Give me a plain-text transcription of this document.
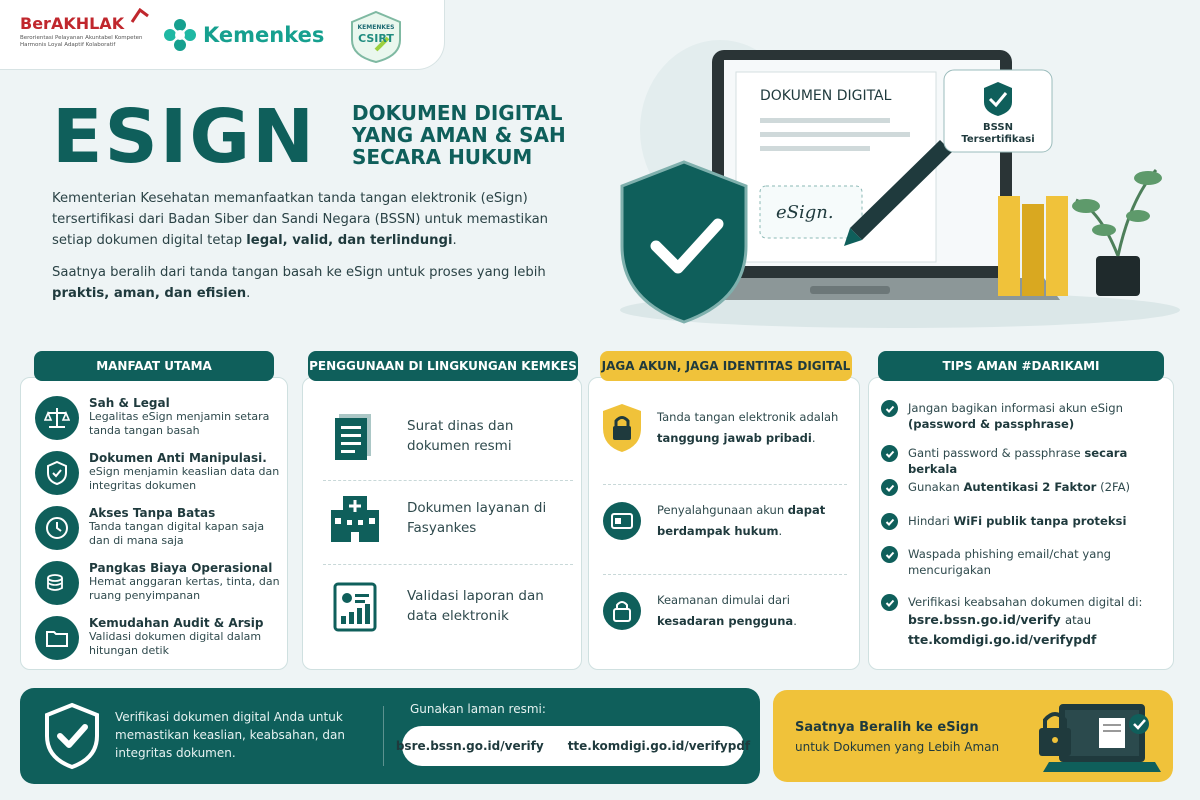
BerAKHLAK
Berorientasi Pelayanan Akuntabel Kompeten
Harmonis Loyal Adaptif Kolaboratif	Kemenkes	KEMENKES
CSIRT
ESIGN DOKUMEN DIGITAL YANG AMAN & SAH SECARA HUKUM
Kementerian Kesehatan memanfaatkan tanda tangan elektronik (eSign) tersertifikasi dari Badan Siber dan Sandi Negara (BSSN) untuk memastikan setiap dokumen digital tetap legal, valid, dan terlindungi.
Saatnya beralih dari tanda tangan basah ke eSign untuk proses yang lebih praktis, aman, dan efisien.
DOKUMEN DIGITAL
eSign.
BSSN
Tersertifikasi
MANFAAT UTAMA
Sah & Legal
Legalitas eSign menjamin setara tanda tangan basah
Dokumen Anti Manipulasi.
eSign menjamin keaslian data dan integritas dokumen
Akses Tanpa Batas
Tanda tangan digital kapan saja dan di mana saja
Pangkas Biaya Operasional
Hemat anggaran kertas, tinta, dan ruang penyimpanan
Kemudahan Audit & Arsip
Validasi dokumen digital dalam hitungan detik
PENGGUNAAN DI LINGKUNGAN KEMKES
Surat dinas dan dokumen resmi
Dokumen layanan di Fasyankes
Validasi laporan dan data elektronik
JAGA AKUN, JAGA IDENTITAS DIGITAL
Tanda tangan elektronik adalah tanggung jawab pribadi.
Penyalahgunaan akun dapat berdampak hukum.
Keamanan dimulai dari kesadaran pengguna.
TIPS AMAN #DARIKAMI
Jangan bagikan informasi akun eSign (password & passphrase)
Ganti password & passphrase secara berkala
Gunakan Autentikasi 2 Faktor (2FA)
Hindari WiFi publik tanpa proteksi
Waspada phishing email/chat yang mencurigakan
Verifikasi keabsahan dokumen digital di:
bsre.bssn.go.id/verify atau
tte.komdigi.go.id/verifypdf
Verifikasi dokumen digital Anda untuk memastikan keaslian, keabsahan, dan integritas dokumen.
Gunakan laman resmi:
bsre.bssn.go.id/verify tte.komdigi.go.id/verifypdf
Saatnya Beralih ke eSign
untuk Dokumen yang Lebih Aman
